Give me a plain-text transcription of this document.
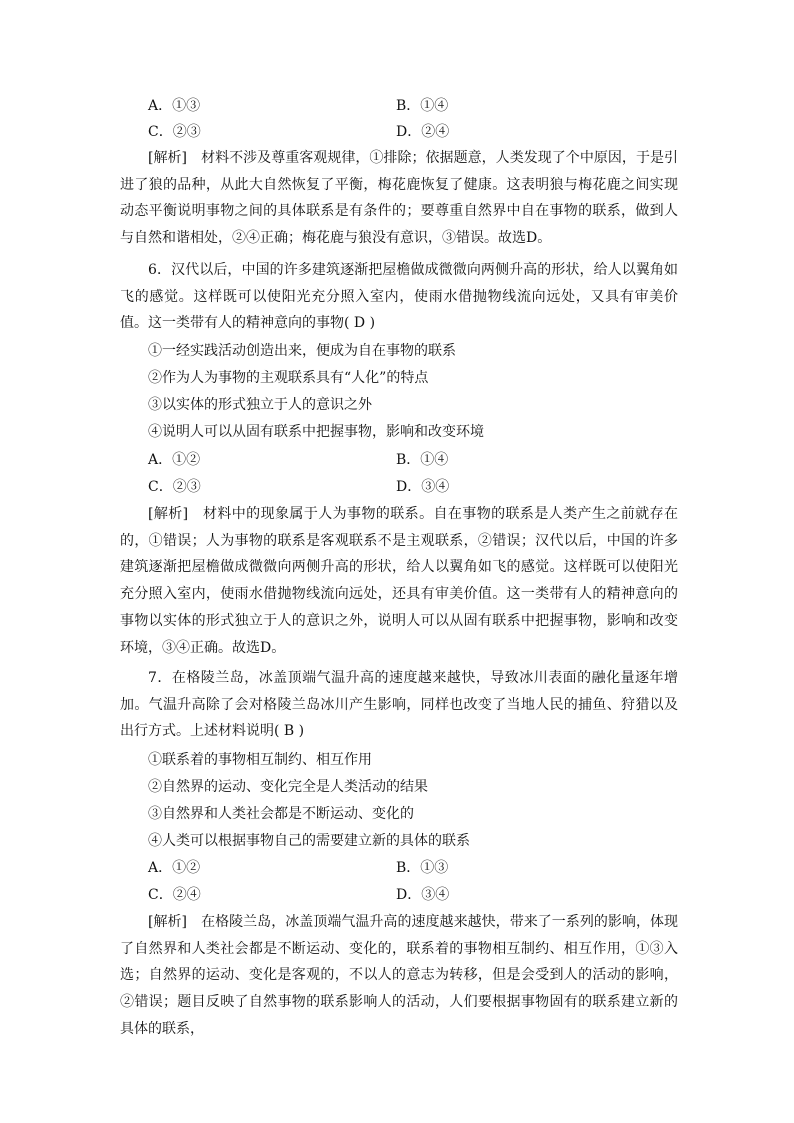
A．①③	B．①④
C．②③	D．②④
[解析]　材料不涉及尊重客观规律，①排除；依据题意，人类发现了个中原因，于是引进了狼的品种，从此大自然恢复了平衡，梅花鹿恢复了健康。这表明狼与梅花鹿之间实现动态平衡说明事物之间的具体联系是有条件的；要尊重自然界中自在事物的联系，做到人与自然和谐相处，②④正确；梅花鹿与狼没有意识，③错误。故选D。
6．汉代以后，中国的许多建筑逐渐把屋檐做成微微向两侧升高的形状，给人以翼角如飞的感觉。这样既可以使阳光充分照入室内，使雨水借抛物线流向远处，又具有审美价值。这一类带有人的精神意向的事物( D )
①一经实践活动创造出来，便成为自在事物的联系
②作为人为事物的主观联系具有“人化”的特点
③以实体的形式独立于人的意识之外
④说明人可以从固有联系中把握事物，影响和改变环境
A．①②	B．①④
C．②③	D．③④
[解析]　材料中的现象属于人为事物的联系。自在事物的联系是人类产生之前就存在的，①错误；人为事物的联系是客观联系不是主观联系，②错误；汉代以后，中国的许多建筑逐渐把屋檐做成微微向两侧升高的形状，给人以翼角如飞的感觉。这样既可以使阳光充分照入室内，使雨水借抛物线流向远处，还具有审美价值。这一类带有人的精神意向的事物以实体的形式独立于人的意识之外，说明人可以从固有联系中把握事物，影响和改变环境，③④正确。故选D。
7．在格陵兰岛，冰盖顶端气温升高的速度越来越快，导致冰川表面的融化量逐年增加。气温升高除了会对格陵兰岛冰川产生影响，同样也改变了当地人民的捕鱼、狩猎以及出行方式。上述材料说明( B )
①联系着的事物相互制约、相互作用
②自然界的运动、变化完全是人类活动的结果
③自然界和人类社会都是不断运动、变化的
④人类可以根据事物自己的需要建立新的具体的联系
A．①②	B．①③
C．②④	D．③④
[解析]　在格陵兰岛，冰盖顶端气温升高的速度越来越快，带来了一系列的影响，体现了自然界和人类社会都是不断运动、变化的，联系着的事物相互制约、相互作用，①③入选；自然界的运动、变化是客观的，不以人的意志为转移，但是会受到人的活动的影响，②错误；题目反映了自然事物的联系影响人的活动，人们要根据事物固有的联系建立新的具体的联系，
